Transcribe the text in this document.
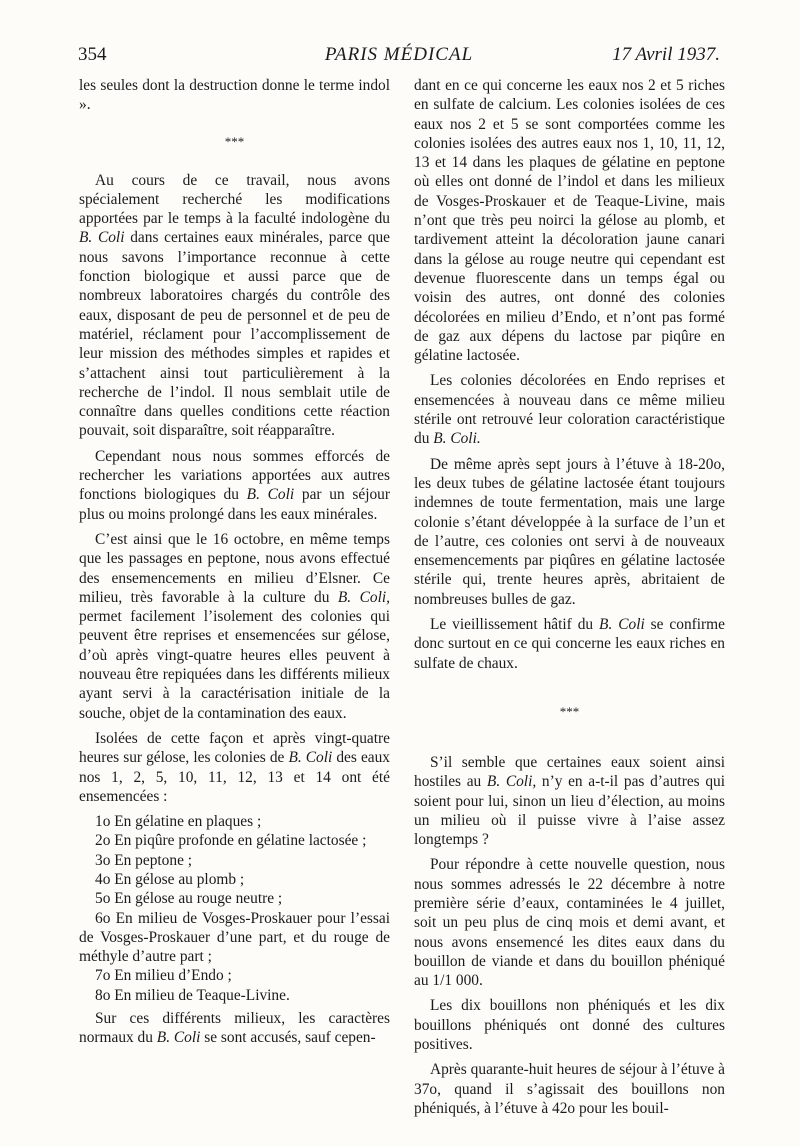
PARIS MÉDICAL
354	17 Avril 1937.

les seules dont la destruction donne le terme indol ».

***

Au cours de ce travail, nous avons spécialement recherché les modifications apportées par le temps à la faculté indologène du B. Coli dans certaines eaux minérales, parce que nous savons l’importance reconnue à cette fonction biologique et aussi parce que de nombreux laboratoires chargés du contrôle des eaux, disposant de peu de personnel et de peu de matériel, réclament pour l’accomplissement de leur mission des méthodes simples et rapides et s’attachent ainsi tout particulièrement à la recherche de l’indol. Il nous semblait utile de connaître dans quelles conditions cette réaction pouvait, soit disparaître, soit réapparaître.

Cependant nous nous sommes efforcés de rechercher les variations apportées aux autres fonctions biologiques du B. Coli par un séjour plus ou moins prolongé dans les eaux minérales.

C’est ainsi que le 16 octobre, en même temps que les passages en peptone, nous avons effectué des ensemencements en milieu d’Elsner. Ce milieu, très favorable à la culture du B. Coli, permet facilement l’isolement des colonies qui peuvent être reprises et ensemencées sur gélose, d’où après vingt-quatre heures elles peuvent à nouveau être repiquées dans les différents milieux ayant servi à la caractérisation initiale de la souche, objet de la contamination des eaux.

Isolées de cette façon et après vingt-quatre heures sur gélose, les colonies de B. Coli des eaux nos 1, 2, 5, 10, 11, 12, 13 et 14 ont été ensemencées :

1o En gélatine en plaques ;

2o En piqûre profonde en gélatine lactosée ;

3o En peptone ;

4o En gélose au plomb ;

5o En gélose au rouge neutre ;

6o En milieu de Vosges-Proskauer pour l’essai de Vosges-Proskauer d’une part, et du rouge de méthyle d’autre part ;

7o En milieu d’Endo ;

8o En milieu de Teaque-Livine.

Sur ces différents milieux, les caractères normaux du B. Coli se sont accusés, sauf cepen-

dant en ce qui concerne les eaux nos 2 et 5 riches en sulfate de calcium. Les colonies isolées de ces eaux nos 2 et 5 se sont comportées comme les colonies isolées des autres eaux nos 1, 10, 11, 12, 13 et 14 dans les plaques de gélatine en peptone où elles ont donné de l’indol et dans les milieux de Vosges-Proskauer et de Teaque-Livine, mais n’ont que très peu noirci la gélose au plomb, et tardivement atteint la décoloration jaune canari dans la gélose au rouge neutre qui cependant est devenue fluorescente dans un temps égal ou voisin des autres, ont donné des colonies décolorées en milieu d’Endo, et n’ont pas formé de gaz aux dépens du lactose par piqûre en gélatine lactosée.

Les colonies décolorées en Endo reprises et ensemencées à nouveau dans ce même milieu stérile ont retrouvé leur coloration caractéristique du B. Coli.

De même après sept jours à l’étuve à 18-20o, les deux tubes de gélatine lactosée étant toujours indemnes de toute fermentation, mais une large colonie s’étant développée à la surface de l’un et de l’autre, ces colonies ont servi à de nouveaux ensemencements par piqûres en gélatine lactosée stérile qui, trente heures après, abritaient de nombreuses bulles de gaz.

Le vieillissement hâtif du B. Coli se confirme donc surtout en ce qui concerne les eaux riches en sulfate de chaux.

***

S’il semble que certaines eaux soient ainsi hostiles au B. Coli, n’y en a-t-il pas d’autres qui soient pour lui, sinon un lieu d’élection, au moins un milieu où il puisse vivre à l’aise assez longtemps ?

Pour répondre à cette nouvelle question, nous nous sommes adressés le 22 décembre à notre première série d’eaux, contaminées le 4 juillet, soit un peu plus de cinq mois et demi avant, et nous avons ensemencé les dites eaux dans du bouillon de viande et dans du bouillon phéniqué au 1/1 000.

Les dix bouillons non phéniqués et les dix bouillons phéniqués ont donné des cultures positives.

Après quarante-huit heures de séjour à l’étuve à 37o, quand il s’agissait des bouillons non phéniqués, à l’étuve à 42o pour les bouil-
